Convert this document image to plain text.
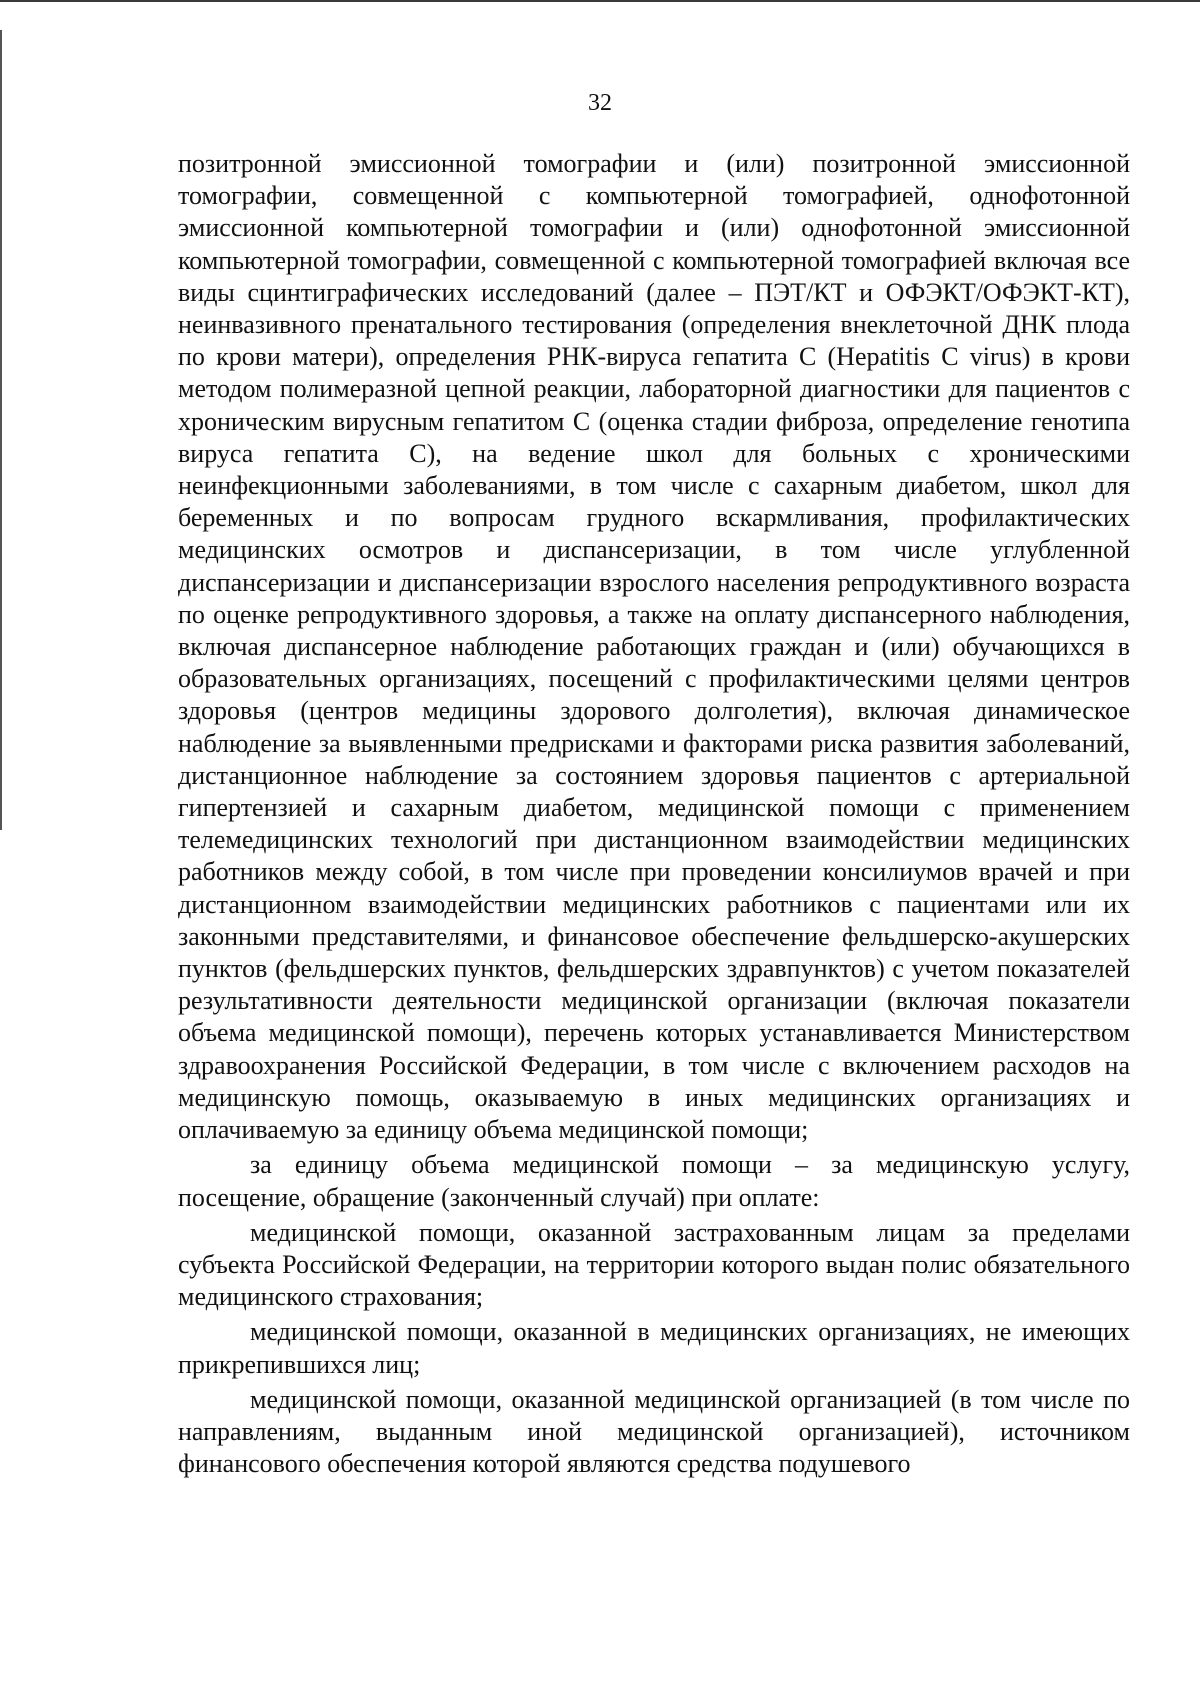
32

позитронной эмиссионной томографии и (или) позитронной эмиссионной томографии, совмещенной с компьютерной томографией, однофотонной эмиссионной компьютерной томографии и (или) однофотонной эмиссионной компьютерной томографии, совмещенной с компьютерной томографией включая все виды сцинтиграфических исследований (далее – ПЭТ/КТ и ОФЭКТ/ОФЭКТ-КТ), неинвазивного пренатального тестирования (определения внеклеточной ДНК плода по крови матери), определения РНК-вируса гепатита С (Hepatitis C virus) в крови методом полимеразной цепной реакции, лабораторной диагностики для пациентов с хроническим вирусным гепатитом С (оценка стадии фиброза, определение генотипа вируса гепатита С), на ведение школ для больных с хроническими неинфекционными заболеваниями, в том числе с сахарным диабетом, школ для беременных и по вопросам грудного вскармливания, профилактических медицинских осмотров и диспансеризации, в том числе углубленной диспансеризации и диспансеризации взрослого населения репродуктивного возраста по оценке репродуктивного здоровья, а также на оплату диспансерного наблюдения, включая диспансерное наблюдение работающих граждан и (или) обучающихся в образовательных организациях, посещений с профилактическими целями центров здоровья (центров медицины здорового долголетия), включая динамическое наблюдение за выявленными предрисками и факторами риска развития заболеваний, дистанционное наблюдение за состоянием здоровья пациентов с артериальной гипертензией и сахарным диабетом, медицинской помощи с применением телемедицинских технологий при дистанционном взаимодействии медицинских работников между собой, в том числе при проведении консилиумов врачей и при дистанционном взаимодействии медицинских работников с пациентами или их законными представителями, и финансовое обеспечение фельдшерско-акушерских пунктов (фельдшерских пунктов, фельдшерских здравпунктов) с учетом показателей результативности деятельности медицинской организации (включая показатели объема медицинской помощи), перечень которых устанавливается Министерством здравоохранения Российской Федерации, в том числе с включением расходов на медицинскую помощь, оказываемую в иных медицинских организациях и оплачиваемую за единицу объема медицинской помощи;

за единицу объема медицинской помощи – за медицинскую услугу, посещение, обращение (законченный случай) при оплате:

медицинской помощи, оказанной застрахованным лицам за пределами субъекта Российской Федерации, на территории которого выдан полис обязательного медицинского страхования;

медицинской помощи, оказанной в медицинских организациях, не имеющих прикрепившихся лиц;

медицинской помощи, оказанной медицинской организацией (в том числе по направлениям, выданным иной медицинской организацией), источником финансового обеспечения которой являются средства подушевого
